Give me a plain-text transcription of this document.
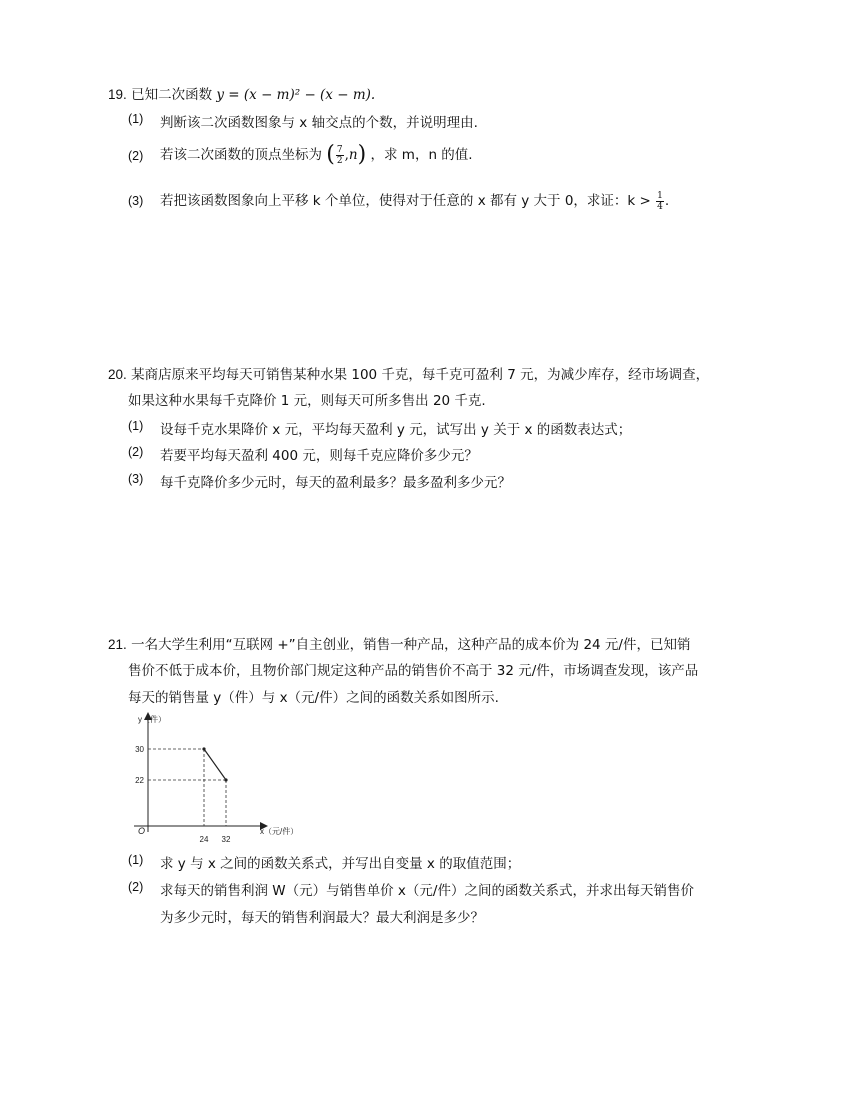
19. 已知二次函数 y = (x − m)² − (x − m).
(1) 判断该二次函数图象与 x 轴交点的个数，并说明理由.
(2) 若该二次函数的顶点坐标为 ( $\frac{7}{2} ,n$) ，求 m，n 的值.
(3) 若把该函数图象向上平移 k 个单位，使得对于任意的 x 都有 y 大于 0，求证：$k > \frac{1}{4}$ .
20. 某商店原来平均每天可销售某种水果 100 千克，每千克可盈利 7 元，为减少库存，经市场调查，
如果这种水果每千克降价 1 元，则每天可所多售出 20 千克.
(1) 设每千克水果降价 x 元，平均每天盈利 y 元，试写出 y 关于 x 的函数表达式；
(2) 若要平均每天盈利 400 元，则每千克应降价多少元？
(3) 每千克降价多少元时，每天的盈利最多？最多盈利多少元？
21. 一名大学生利用“互联网 +”自主创业，销售一种产品，这种产品的成本价为 24 元/件，已知销
售价不低于成本价，且物价部门规定这种产品的销售价不高于 32 元/件，市场调查发现，该产品
每天的销售量 y（件）与 x（元/件）之间的函数关系如图所示.
y（件）
x（元/件）
O
24 32
30
22
(1) 求 y 与 x 之间的函数关系式，并写出自变量 x 的取值范围；
(2) 求每天的销售利润 W（元）与销售单价 x（元/件）之间的函数关系式，并求出每天销售价
为多少元时，每天的销售利润最大？最大利润是多少？
